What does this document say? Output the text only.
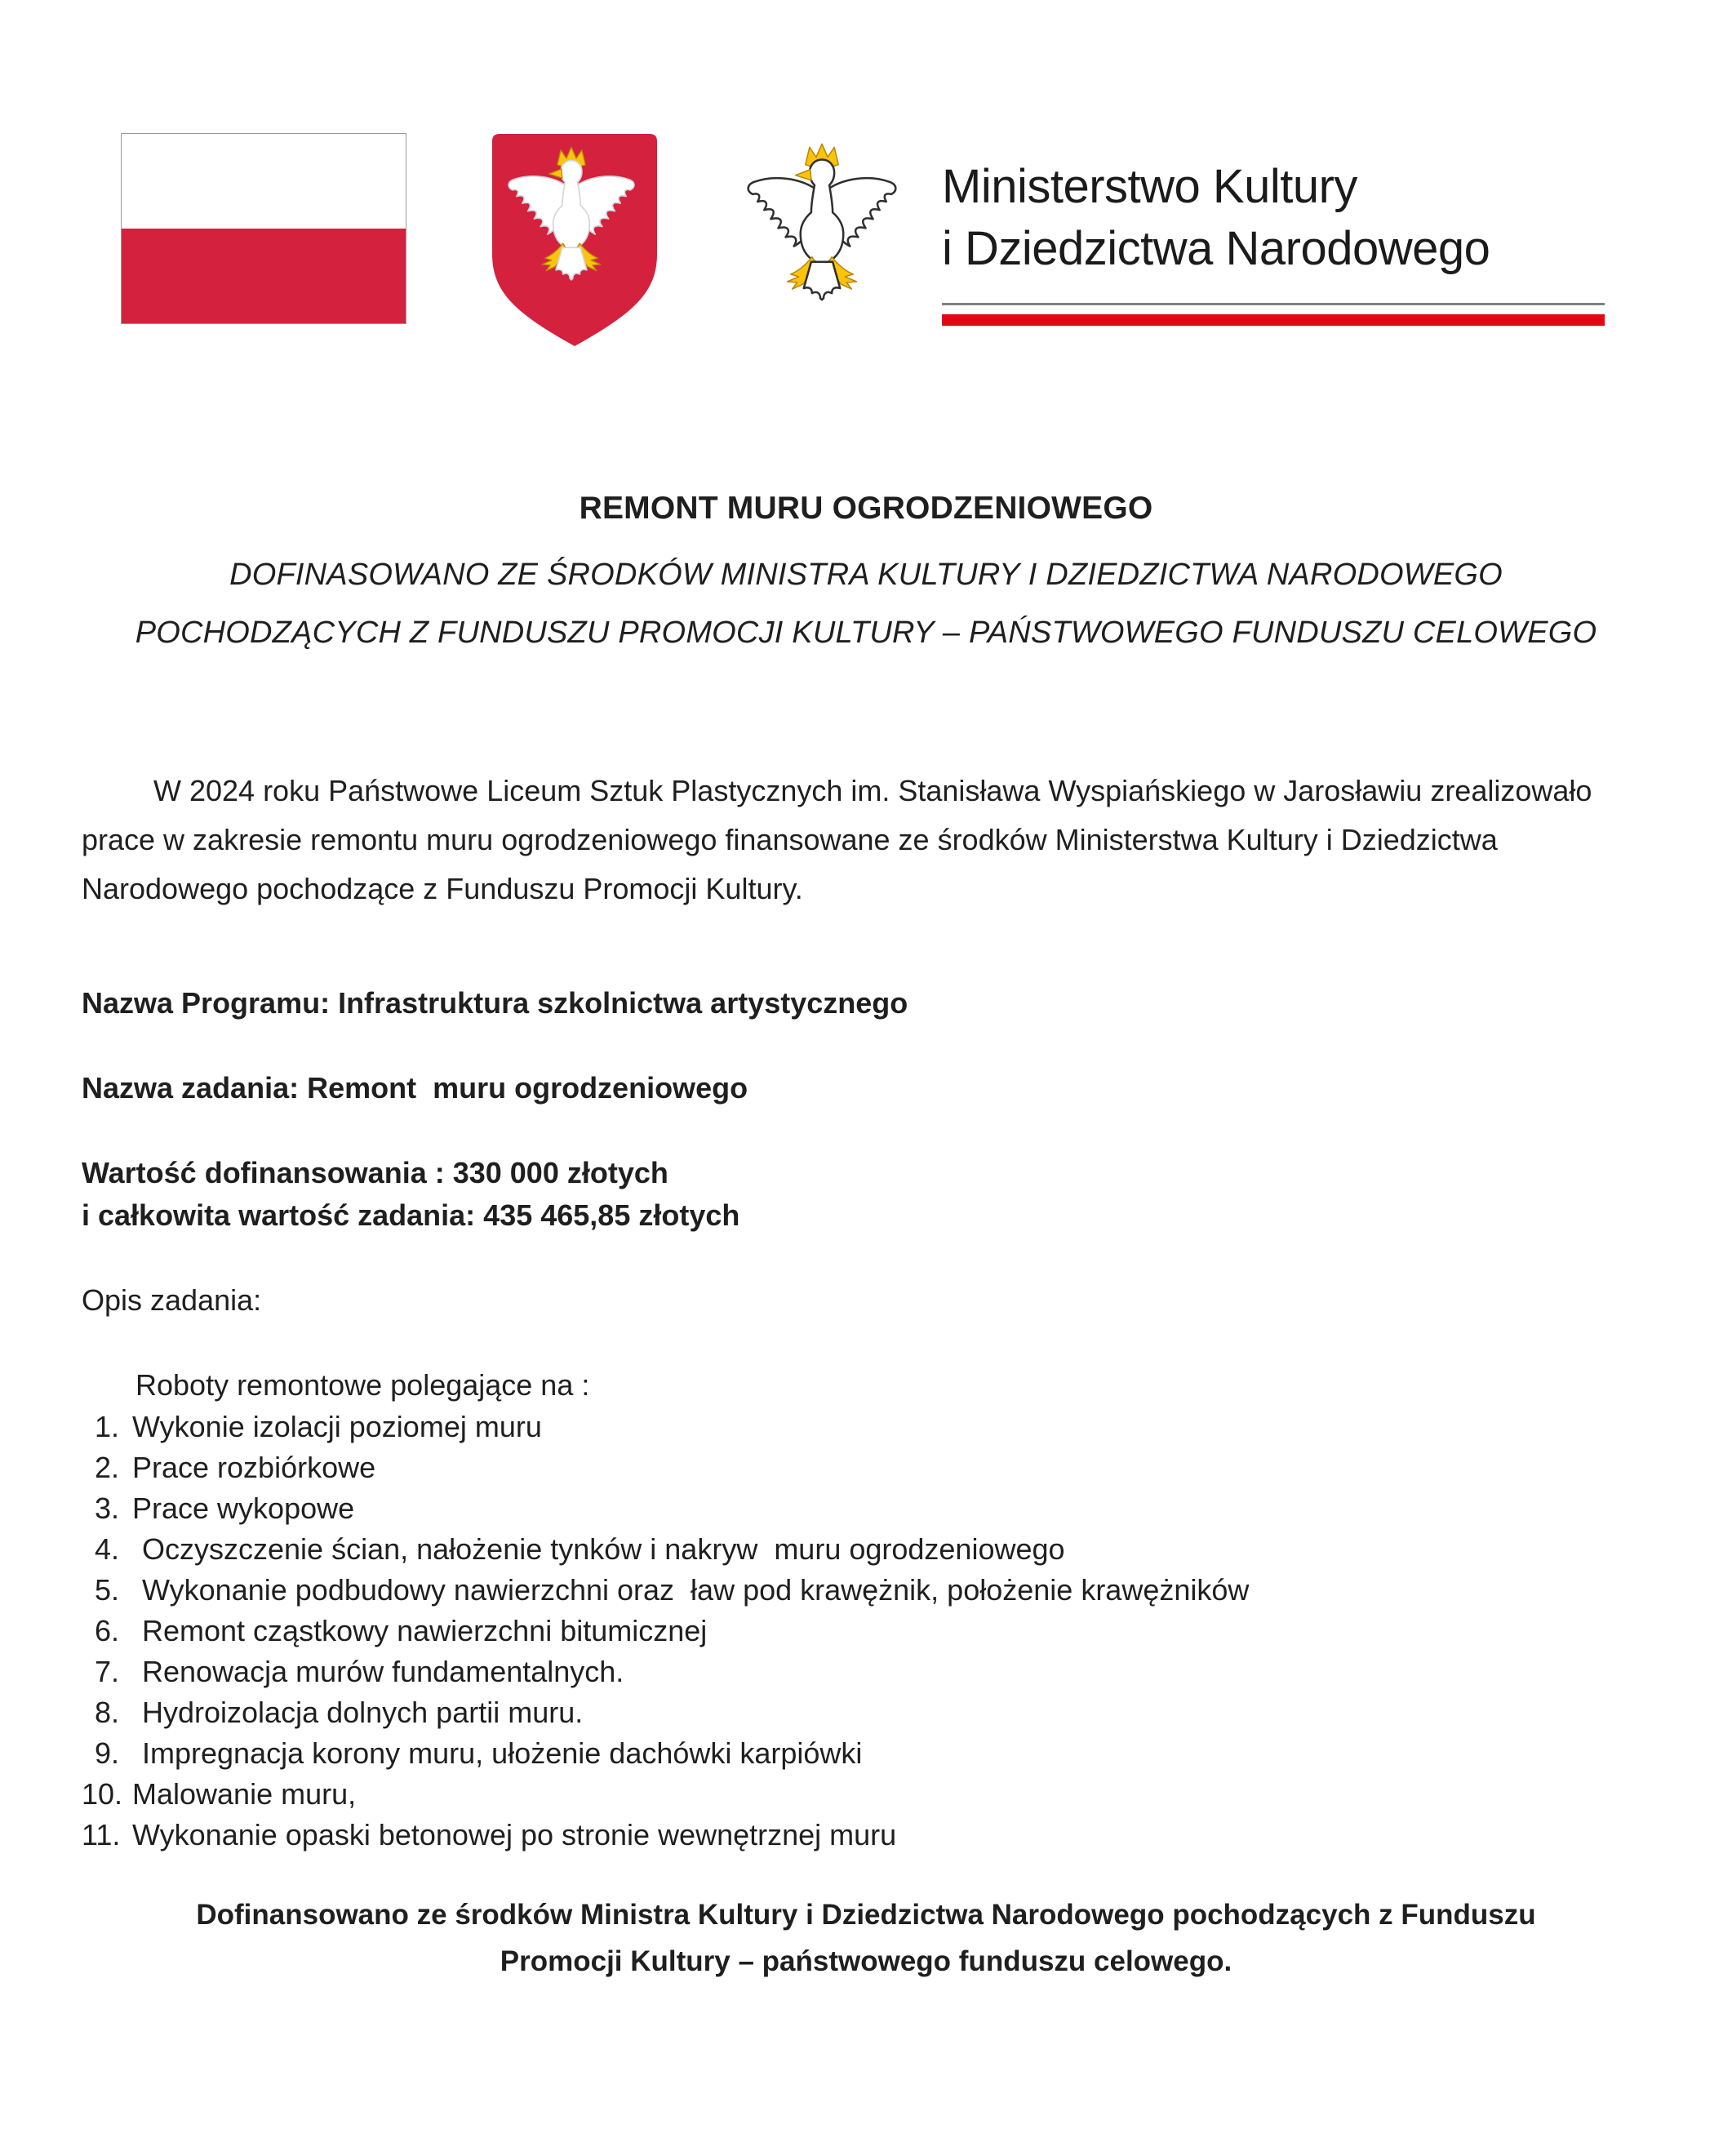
Ministerstwo Kultury
i Dziedzictwa Narodowego
REMONT MURU OGRODZENIOWEGO
DOFINASOWANO ZE ŚRODKÓW MINISTRA KULTURY I DZIEDZICTWA NARODOWEGO
POCHODZĄCYCH Z FUNDUSZU PROMOCJI KULTURY – PAŃSTWOWEGO FUNDUSZU CELOWEGO

W 2024 roku Państwowe Liceum Sztuk Plastycznych im. Stanisława Wyspiańskiego w Jarosławiu zrealizowało prace w zakresie remontu muru ogrodzeniowego finansowane ze środków Ministerstwa Kultury i Dziedzictwa Narodowego pochodzące z Funduszu Promocji Kultury.

Nazwa Programu: Infrastruktura szkolnictwa artystycznego
Nazwa zadania: Remont  muru ogrodzeniowego
Wartość dofinansowania : 330 000 złotych
i całkowita wartość zadania: 435 465,85 złotych
Opis zadania:
Roboty remontowe polegające na :
1. Wykonie izolacji poziomej muru
2. Prace rozbiórkowe
3. Prace wykopowe
4. Oczyszczenie ścian, nałożenie tynków i nakryw  muru ogrodzeniowego
5. Wykonanie podbudowy nawierzchni oraz  ław pod krawężnik, położenie krawężników
6. Remont cząstkowy nawierzchni bitumicznej
7. Renowacja murów fundamentalnych.
8. Hydroizolacja dolnych partii muru.
9. Impregnacja korony muru, ułożenie dachówki karpiówki
10. Malowanie muru,
11. Wykonanie opaski betonowej po stronie wewnętrznej muru

Dofinansowano ze środków Ministra Kultury i Dziedzictwa Narodowego pochodzących z Funduszu Promocji Kultury – państwowego funduszu celowego.
